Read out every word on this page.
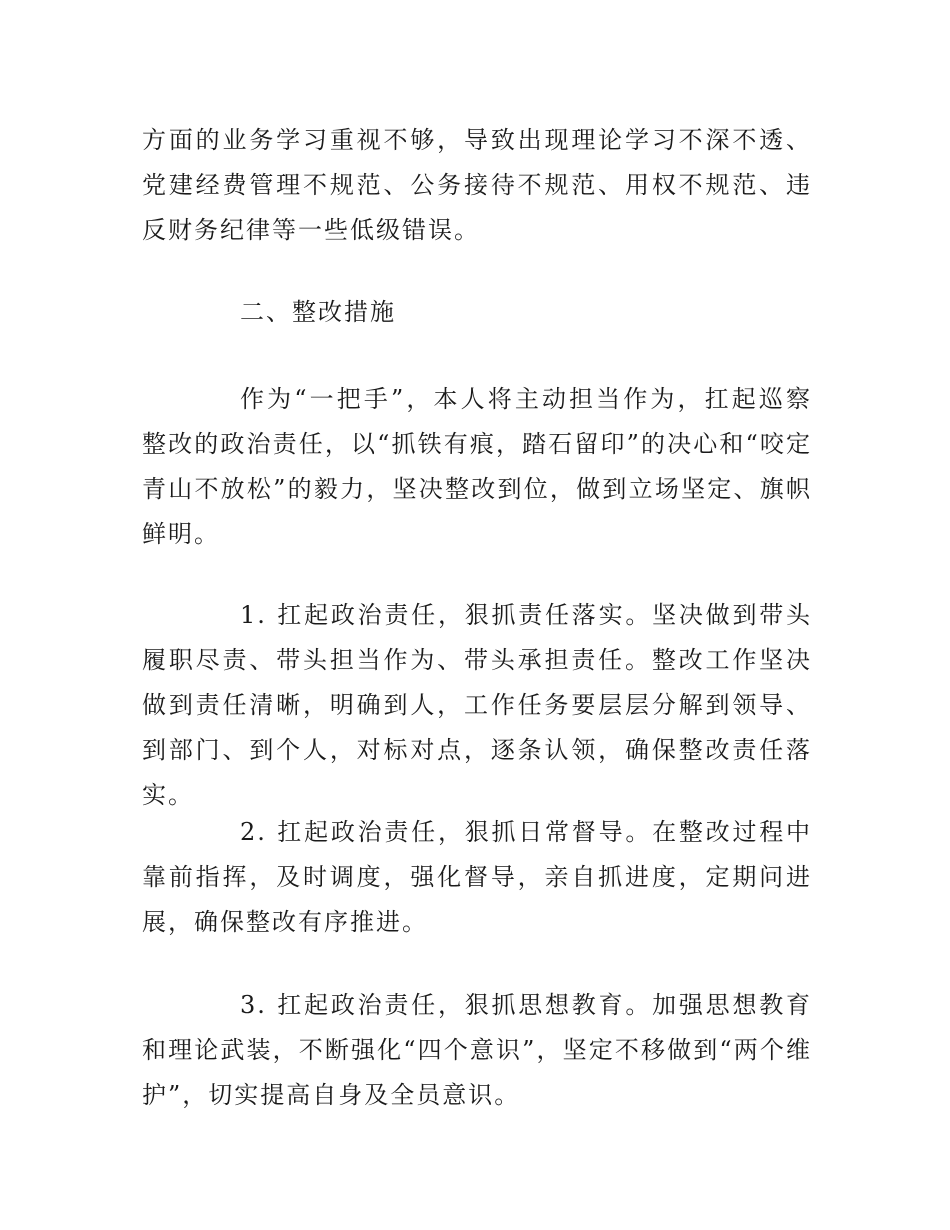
方面的业务学习重视不够，导致出现理论学习不深不透、党建经费管理不规范、公务接待不规范、用权不规范、违反财务纪律等一些低级错误。

二、整改措施

作为“一把手”，本人将主动担当作为，扛起巡察整改的政治责任，以“抓铁有痕，踏石留印”的决心和“咬定青山不放松”的毅力，坚决整改到位，做到立场坚定、旗帜鲜明。

1. 扛起政治责任，狠抓责任落实。坚决做到带头履职尽责、带头担当作为、带头承担责任。整改工作坚决做到责任清晰，明确到人，工作任务要层层分解到领导、到部门、到个人，对标对点，逐条认领，确保整改责任落实。

2. 扛起政治责任，狠抓日常督导。在整改过程中靠前指挥，及时调度，强化督导，亲自抓进度，定期问进展，确保整改有序推进。

3. 扛起政治责任，狠抓思想教育。加强思想教育和理论武装，不断强化“四个意识”，坚定不移做到“两个维护”，切实提高自身及全员意识。
